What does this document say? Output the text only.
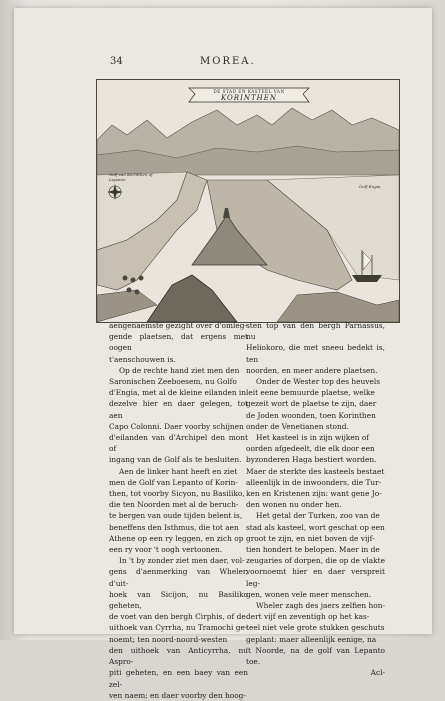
34	MOREA.
DE STAD EN KASTEEL VAN
KORINTHEN
Golf van Korinthen of Lepanto
Golf Engia

aengenaemste gezight over d'omleg-

gende plaetsen, dat ergens met oogen

t'aenschouwen is.

Op de rechte hand ziet men den

Saronischen Zeeboesem, nu Golfo

d'Engia, met al de kleine eilanden in

dezelve hier en daer gelegen, tot aen

Capo Colonni. Daer voorby schijnen

d'eilanden van d'Archipel den mont of

ingang van de Golf als te besluiten.

Aen de linker hant heeft en ziet

men de Golf van Lepanto of Korin-

then, tot voorby Sicyon, nu Basiliko,

die ten Noorden met al de beruch-

te bergen van oude tijden belent is,

beneffens den Isthmus, die tot aen

Athene op een ry leggen, en zich op

een ry voor 't oogh vertoonen.

In 't by zonder ziet men daer, vol-

gens d'aenmerking van Wheler, d'uit-

hoek van Sicijon, nu Basiliko geheten,

de voet van den bergh Cirphis, of de

uithoek van Cyrrha, nu Tramochi ge-

noemt; ten noord-noord-westen

den uithoek van Anticyrrha, nu Aspro-

piti geheten, en een baey van een zel-

ven naem; en daer voorby den hoog-

sten top van den bergh Parnassus, nu

Heliokoro, die met sneeu bedekt is, ten

noorden, en meer andere plaetsen.

Onder de Wester top des heuvels

leit eene bemuurde plaetse, welke

gezeit wort de plaetse te zijn, daer

de Joden woonden, toen Korinthen

onder de Venetianen stond.

Het kasteel is in zijn wijken of

oorden afgedeelt, die elk door een

byzonderen Haga bestiert worden.

Maer de sterkte des kasteels bestaet

alleenlijk in de inwoonders, die Tur-

ken en Kristenen zijn: want gene Jo-

den wonen nu onder hen.

Het getal der Turken, zoo van de

stad als kasteel, wort geschat op een

groot te zijn, en niet boven de vijf-

tien hondert te belopen. Maer in de

zeugaries of dorpen, die op de vlakte

voornoemt hier en daer verspreit leg-

gen, wonen vele meer menschen.

Wheler zagh des jaers zelfien hon-

dert vijf en zeventigh op het kas-

teel niet vele grote stukken geschuts

geplant: maer alleenlijk eenige, na

't Noorde, na de golf van Lepanto toe.

Acl-
